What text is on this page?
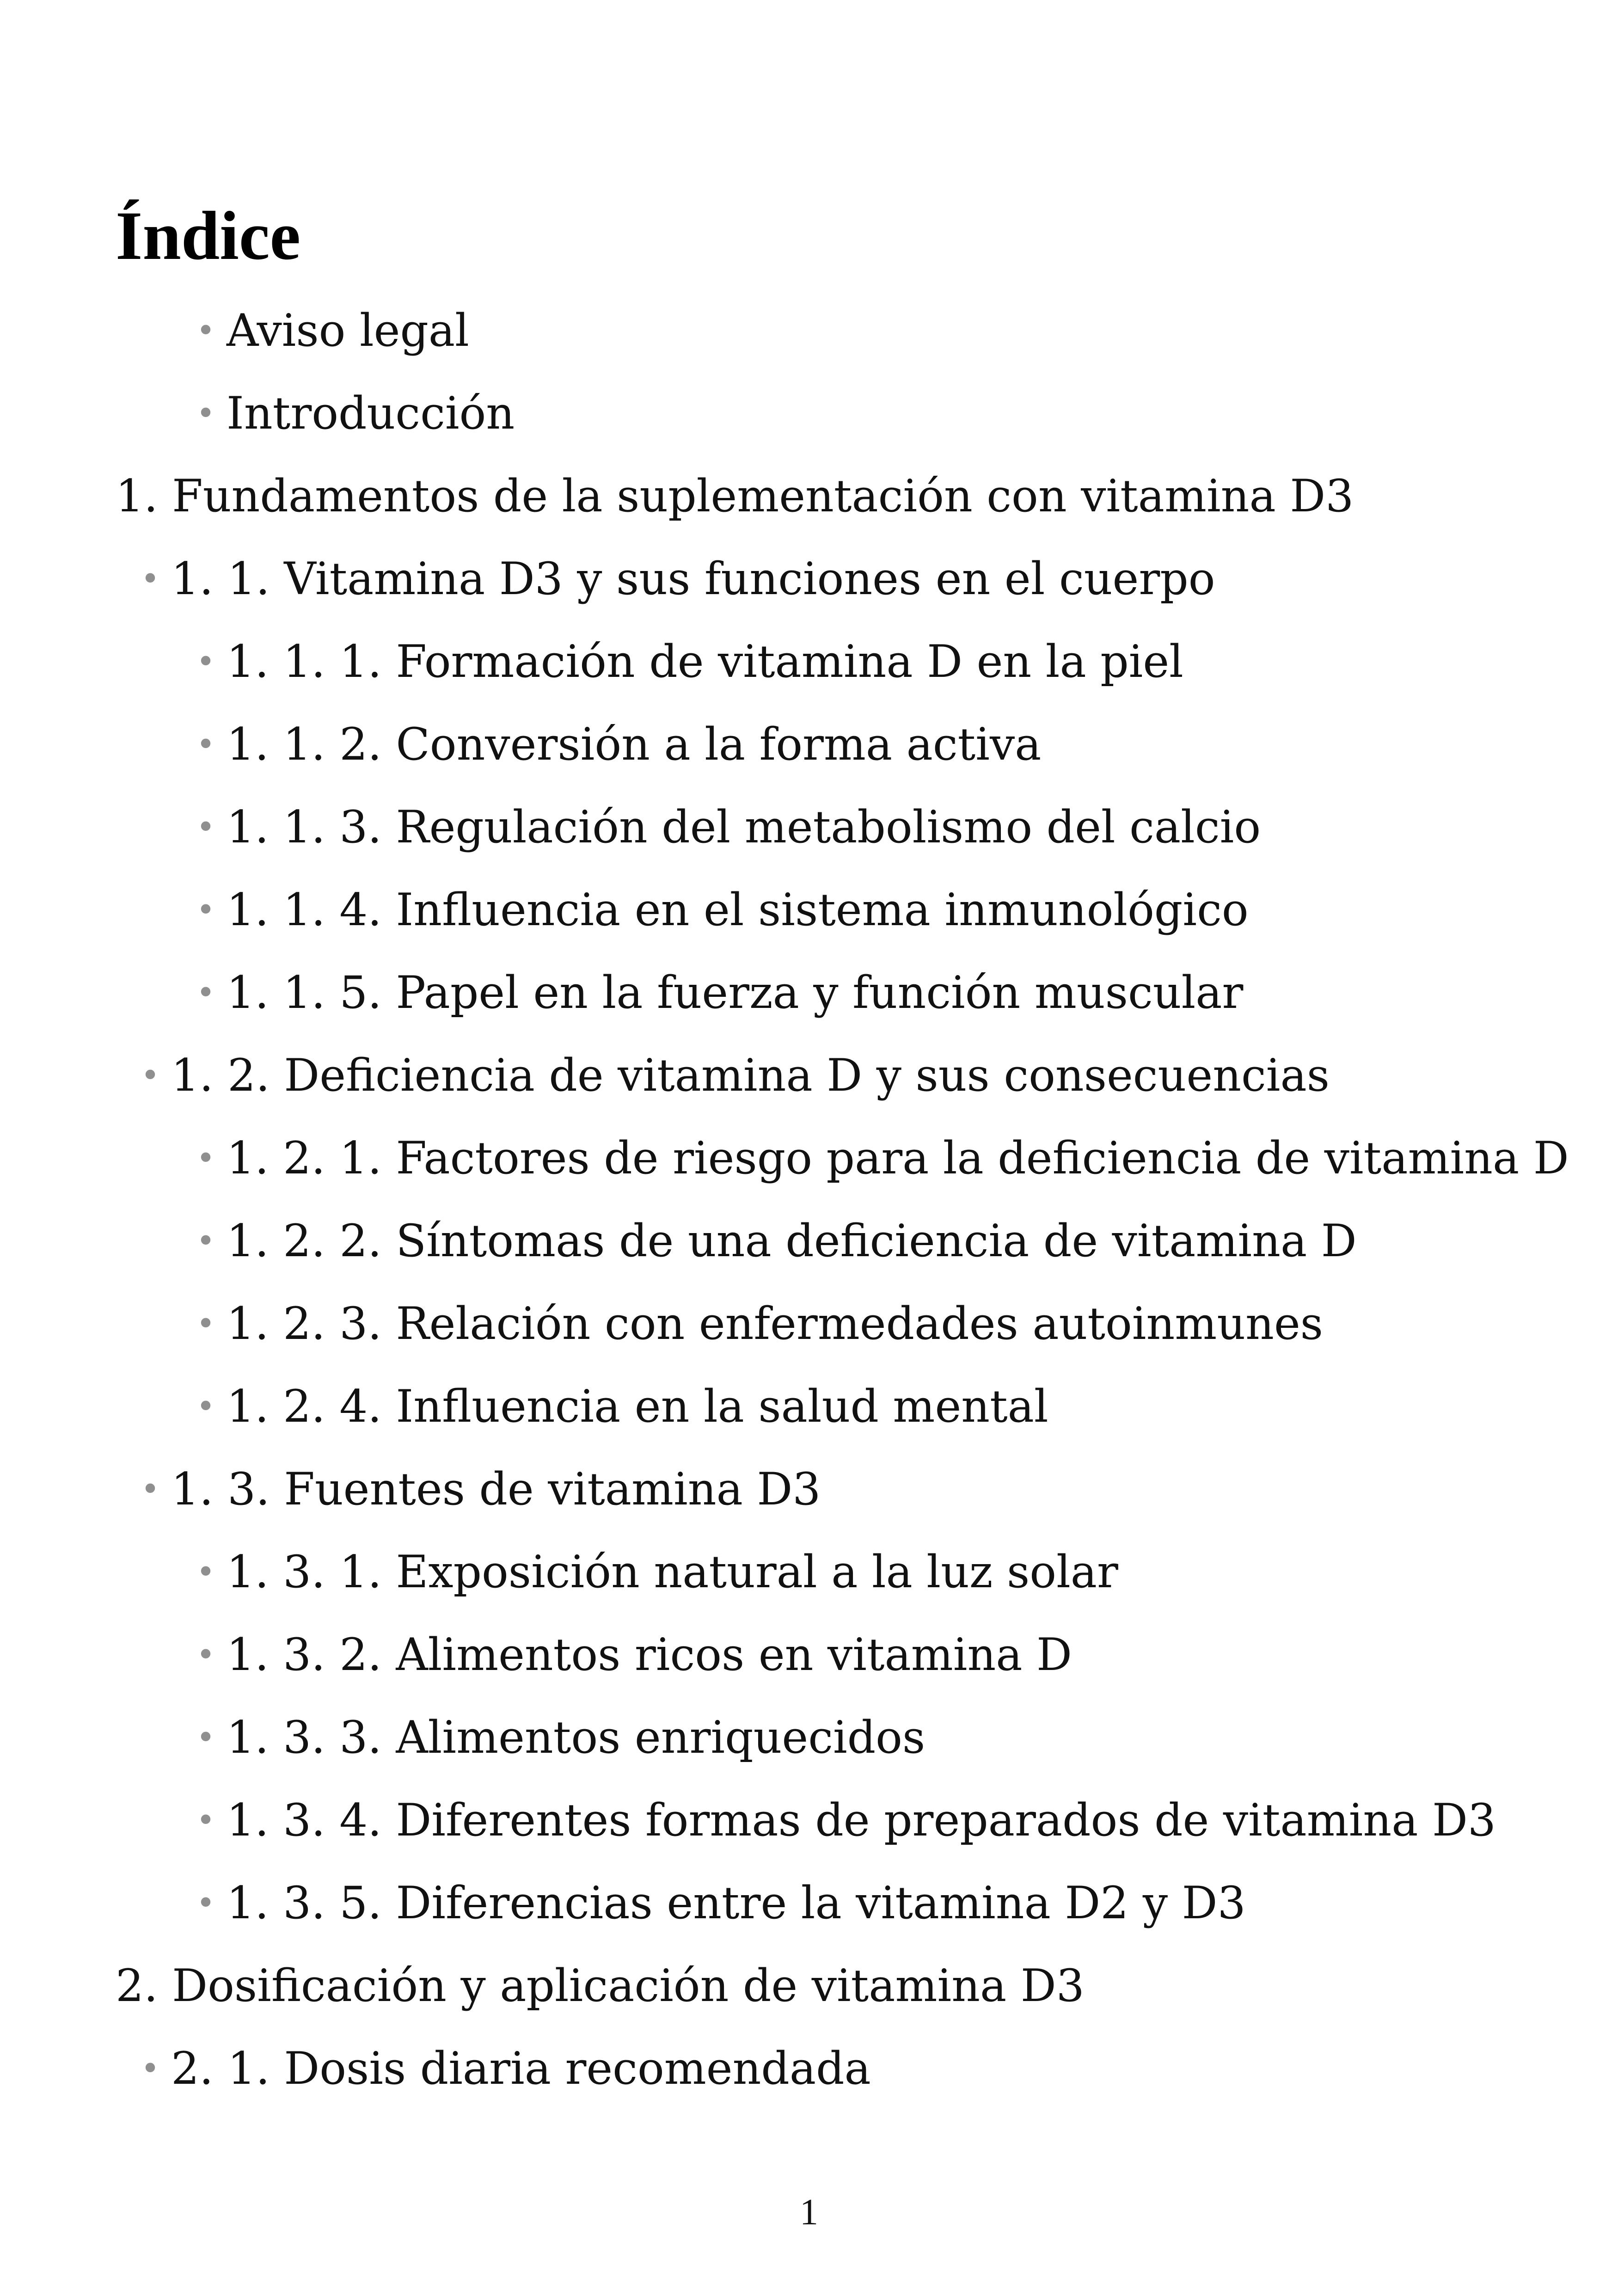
Índice
• Aviso legal
• Introducción
1. Fundamentos de la suplementación con vitamina D3
• 1. 1. Vitamina D3 y sus funciones en el cuerpo
• 1. 1. 1. Formación de vitamina D en la piel
• 1. 1. 2. Conversión a la forma activa
• 1. 1. 3. Regulación del metabolismo del calcio
• 1. 1. 4. Influencia en el sistema inmunológico
• 1. 1. 5. Papel en la fuerza y función muscular
• 1. 2. Deficiencia de vitamina D y sus consecuencias
• 1. 2. 1. Factores de riesgo para la deficiencia de vitamina D
• 1. 2. 2. Síntomas de una deficiencia de vitamina D
• 1. 2. 3. Relación con enfermedades autoinmunes
• 1. 2. 4. Influencia en la salud mental
• 1. 3. Fuentes de vitamina D3
• 1. 3. 1. Exposición natural a la luz solar
• 1. 3. 2. Alimentos ricos en vitamina D
• 1. 3. 3. Alimentos enriquecidos
• 1. 3. 4. Diferentes formas de preparados de vitamina D3
• 1. 3. 5. Diferencias entre la vitamina D2 y D3
2. Dosificación y aplicación de vitamina D3
• 2. 1. Dosis diaria recomendada
1
